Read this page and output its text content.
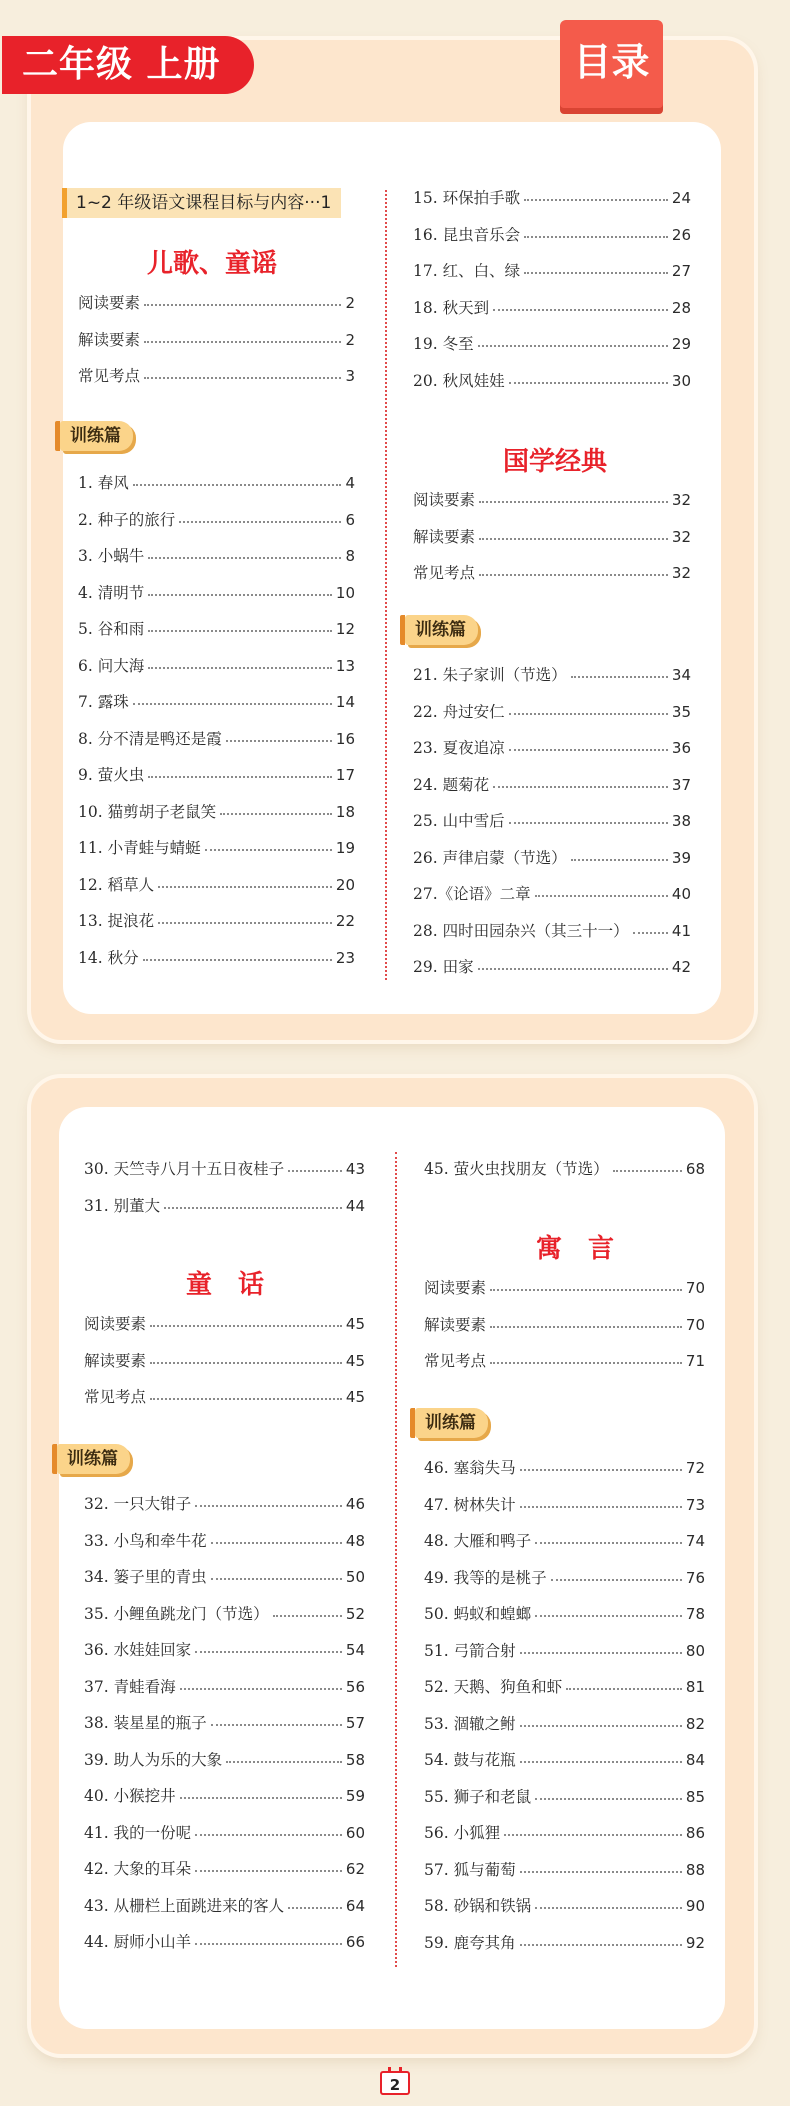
二年级 上册	目录
1~2 年级语文课程目标与内容···1
儿歌、童谣
阅读要素	2
解读要素	2
常见考点	3
训练篇
1. 春风	4
2. 种子的旅行	6
3. 小蜗牛	8
4. 清明节	10
5. 谷和雨	12
6. 问大海	13
7. 露珠	14
8. 分不清是鸭还是霞	16
9. 萤火虫	17
10. 猫剪胡子老鼠笑	18
11. 小青蛙与蜻蜓	19
12. 稻草人	20
13. 捉浪花	22
14. 秋分	23
15. 环保拍手歌	24
16. 昆虫音乐会	26
17. 红、白、绿	27
18. 秋天到	28
19. 冬至	29
20. 秋风娃娃	30
国学经典
阅读要素	32
解读要素	32
常见考点	32
训练篇
21. 朱子家训（节选）	34
22. 舟过安仁	35
23. 夏夜追凉	36
24. 题菊花	37
25. 山中雪后	38
26. 声律启蒙（节选）	39
27.《论语》二章	40
28. 四时田园杂兴（其三十一）	41
29. 田家	42
30. 天竺寺八月十五日夜桂子	43
31. 别董大	44
童　话
阅读要素	45
解读要素	45
常见考点	45
训练篇
32. 一只大钳子	46
33. 小鸟和牵牛花	48
34. 篓子里的青虫	50
35. 小鲤鱼跳龙门（节选）	52
36. 水娃娃回家	54
37. 青蛙看海	56
38. 装星星的瓶子	57
39. 助人为乐的大象	58
40. 小猴挖井	59
41. 我的一份呢	60
42. 大象的耳朵	62
43. 从栅栏上面跳进来的客人	64
44. 厨师小山羊	66
45. 萤火虫找朋友（节选）	68
寓　言
阅读要素	70
解读要素	70
常见考点	71
训练篇
46. 塞翁失马	72
47. 树林失计	73
48. 大雁和鸭子	74
49. 我等的是桃子	76
50. 蚂蚁和蝗螂	78
51. 弓箭合射	80
52. 天鹅、狗鱼和虾	81
53. 涸辙之鲋	82
54. 鼓与花瓶	84
55. 狮子和老鼠	85
56. 小狐狸	86
57. 狐与葡萄	88
58. 砂锅和铁锅	90
59. 鹿夸其角	92
2
